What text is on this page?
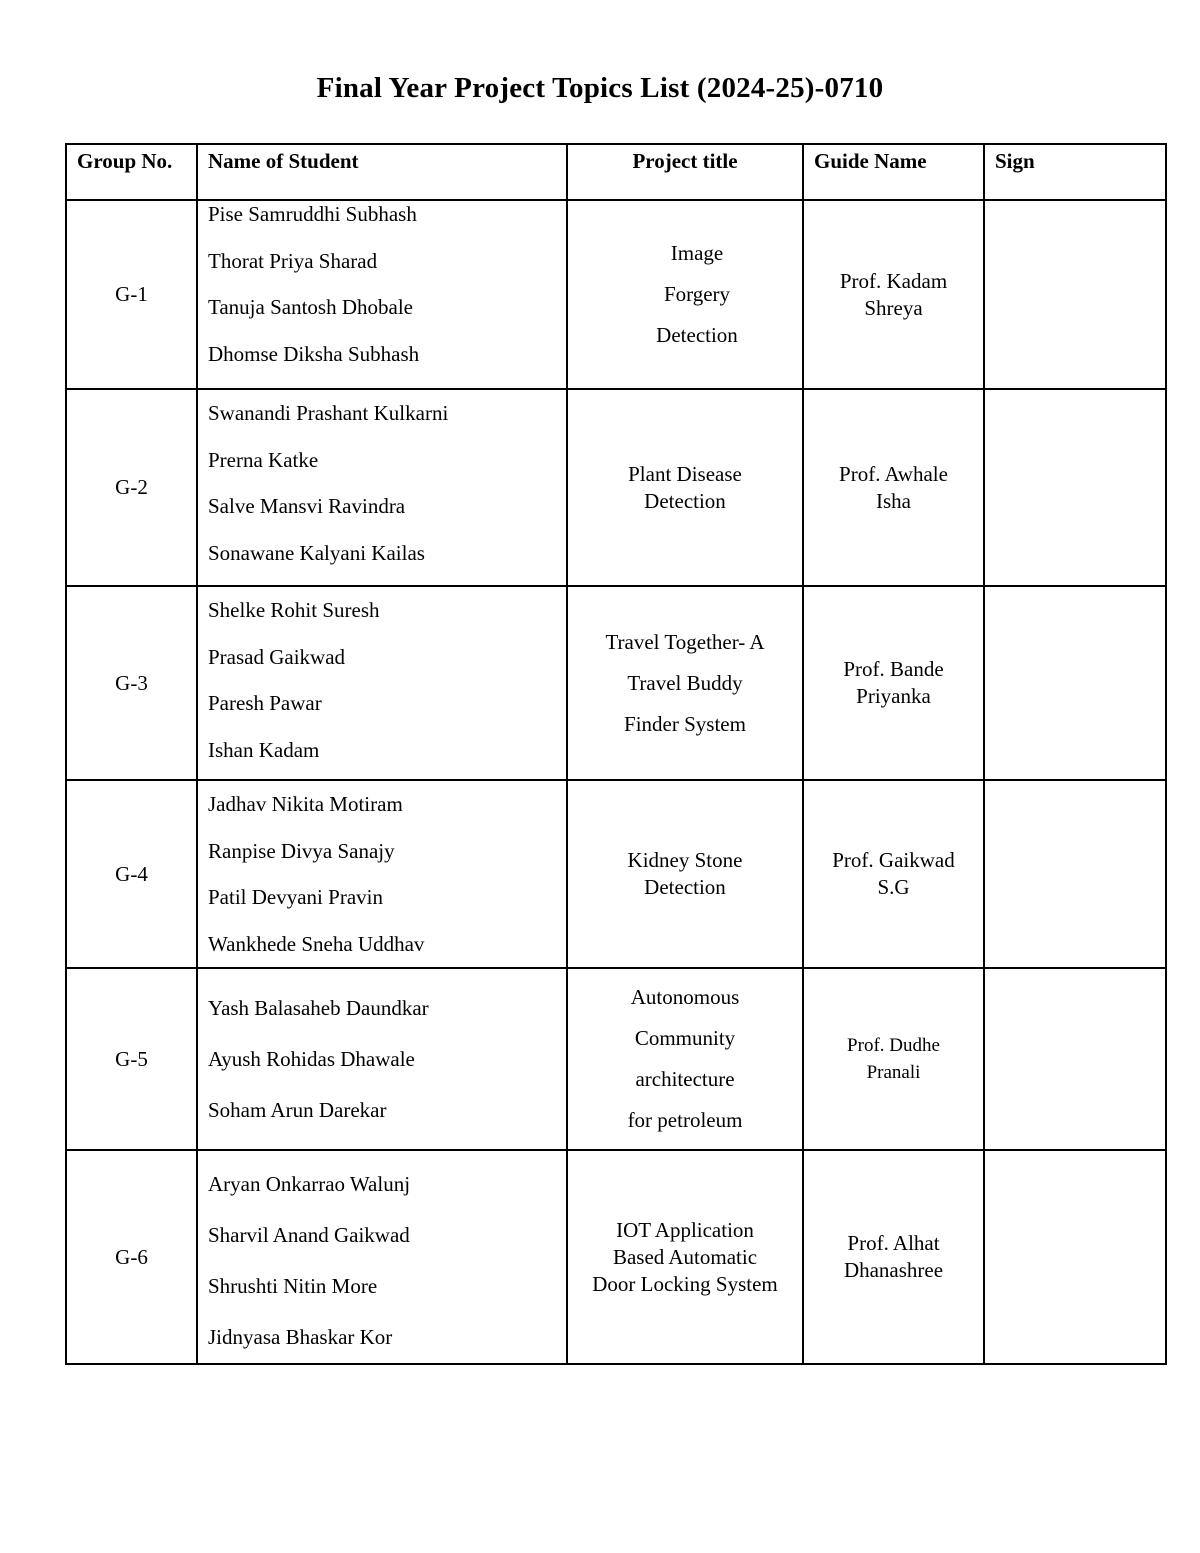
Final Year Project Topics List (2024-25)-0710
Group No.	Name of Student	Project title	Guide Name	Sign
G-1	Pise Samruddhi Subhash
Thorat Priya Sharad
Tanuja Santosh Dhobale
Dhomse Diksha Subhash	Image
Forgery
Detection	Prof. Kadam
Shreya	

G-2	Swanandi Prashant Kulkarni
Prerna Katke
Salve Mansvi Ravindra
Sonawane Kalyani Kailas	Plant Disease
Detection	Prof. Awhale
Isha	

G-3	Shelke Rohit Suresh
Prasad Gaikwad
Paresh Pawar
Ishan Kadam	Travel Together- A
Travel Buddy
Finder System	Prof. Bande
Priyanka	

G-4	Jadhav Nikita Motiram
Ranpise Divya Sanajy
Patil Devyani Pravin
Wankhede Sneha Uddhav	Kidney Stone
Detection	Prof. Gaikwad
S.G	

G-5	Yash Balasaheb Daundkar
Ayush Rohidas Dhawale
Soham Arun Darekar	Autonomous
Community
architecture
for petroleum	Prof. Dudhe
Pranali	

G-6	Aryan Onkarrao Walunj
Sharvil Anand Gaikwad
Shrushti Nitin More
Jidnyasa Bhaskar Kor	IOT Application
Based Automatic
Door Locking System	Prof. Alhat
Dhanashree	
